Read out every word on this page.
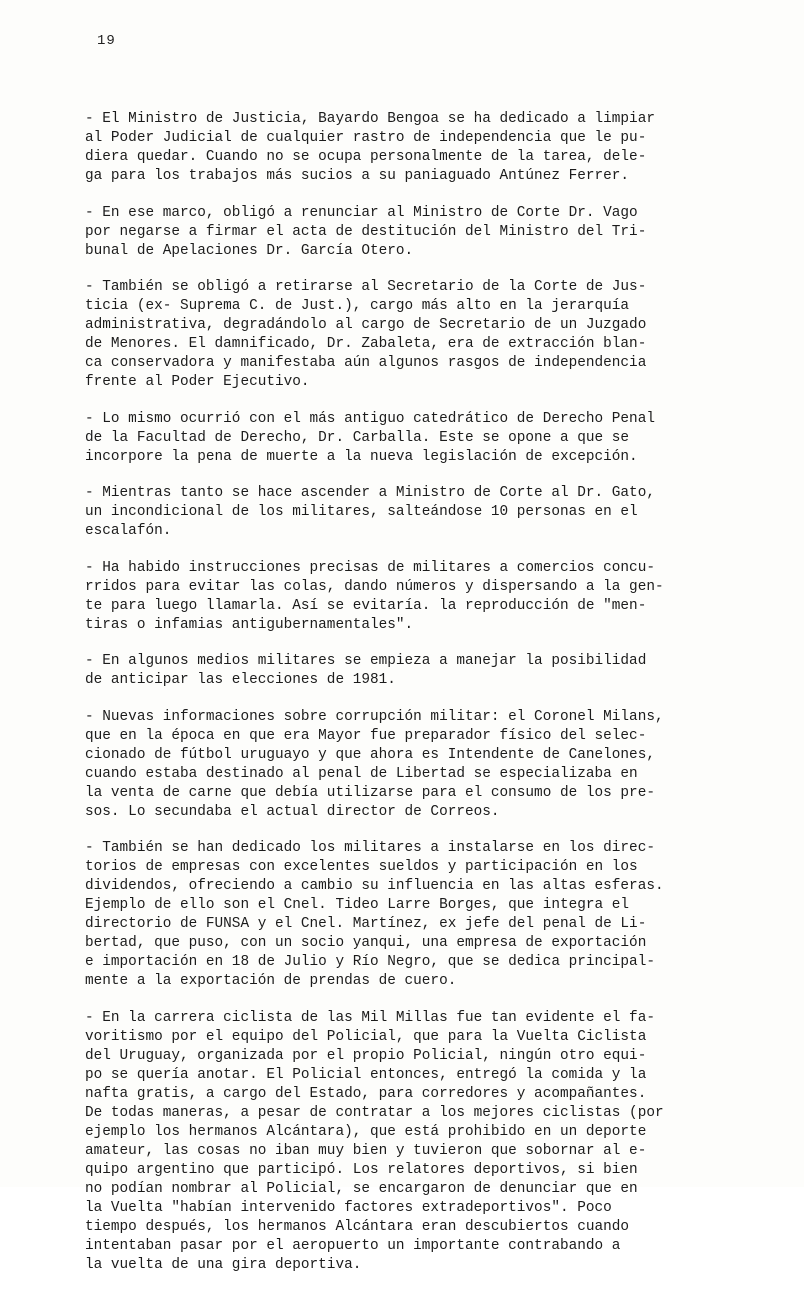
19
- El Ministro de Justicia, Bayardo Bengoa se ha dedicado a limpiar
al Poder Judicial de cualquier rastro de independencia que le pu-
diera quedar. Cuando no se ocupa personalmente de la tarea, dele-
ga para los trabajos más sucios a su paniaguado Antúnez Ferrer.
- En ese marco, obligó a renunciar al Ministro de Corte Dr. Vago
por negarse a firmar el acta de destitución del Ministro del Tri-
bunal de Apelaciones Dr. García Otero.
- También se obligó a retirarse al Secretario de la Corte de Jus-
ticia (ex- Suprema C. de Just.), cargo más alto en la jerarquía
administrativa, degradándolo al cargo de Secretario de un Juzgado
de Menores. El damnificado, Dr. Zabaleta, era de extracción blan-
ca conservadora y manifestaba aún algunos rasgos de independencia
frente al Poder Ejecutivo.
- Lo mismo ocurrió con el más antiguo catedrático de Derecho Penal
de la Facultad de Derecho, Dr. Carballa. Este se opone a que se
incorpore la pena de muerte a la nueva legislación de excepción.
- Mientras tanto se hace ascender a Ministro de Corte al Dr. Gato,
un incondicional de los militares, salteándose 10 personas en el
escalafón.
- Ha habido instrucciones precisas de militares a comercios concu-
rridos para evitar las colas, dando números y dispersando a la gen-
te para luego llamarla. Así se evitaría. la reproducción de "men-
tiras o infamias antigubernamentales".
- En algunos medios militares se empieza a manejar la posibilidad
de anticipar las elecciones de 1981.
- Nuevas informaciones sobre corrupción militar: el Coronel Milans,
que en la época en que era Mayor fue preparador físico del selec-
cionado de fútbol uruguayo y que ahora es Intendente de Canelones,
cuando estaba destinado al penal de Libertad se especializaba en
la venta de carne que debía utilizarse para el consumo de los pre-
sos. Lo secundaba el actual director de Correos.
- También se han dedicado los militares a instalarse en los direc-
torios de empresas con excelentes sueldos y participación en los
dividendos, ofreciendo a cambio su influencia en las altas esferas.
Ejemplo de ello son el Cnel. Tideo Larre Borges, que integra el
directorio de FUNSA y el Cnel. Martínez, ex jefe del penal de Li-
bertad, que puso, con un socio yanqui, una empresa de exportación
e importación en 18 de Julio y Río Negro, que se dedica principal-
mente a la exportación de prendas de cuero.
- En la carrera ciclista de las Mil Millas fue tan evidente el fa-
voritismo por el equipo del Policial, que para la Vuelta Ciclista
del Uruguay, organizada por el propio Policial, ningún otro equi-
po se quería anotar. El Policial entonces, entregó la comida y la
nafta gratis, a cargo del Estado, para corredores y acompañantes.
De todas maneras, a pesar de contratar a los mejores ciclistas (por
ejemplo los hermanos Alcántara), que está prohibido en un deporte
amateur, las cosas no iban muy bien y tuvieron que sobornar al e-
quipo argentino que participó. Los relatores deportivos, si bien
no podían nombrar al Policial, se encargaron de denunciar que en
la Vuelta "habían intervenido factores extradeportivos". Poco
tiempo después, los hermanos Alcántara eran descubiertos cuando
intentaban pasar por el aeropuerto un importante contrabando a
la vuelta de una gira deportiva.
